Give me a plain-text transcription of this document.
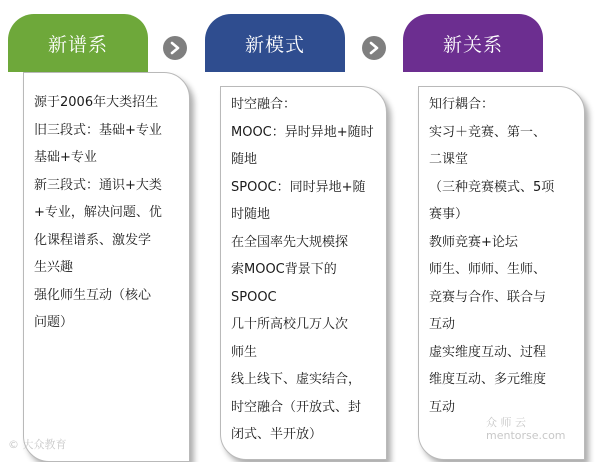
新谱系
源于2006年大类招生
旧三段式：基础+专业
基础+专业
新三段式：通识+大类
+专业，解决问题、优
化课程谱系、激发学
生兴趣
强化师生互动（核心
问题）
新模式
时空融合：
MOOC：异时异地+随时
随地
SPOOC：同时异地+随
时随地
在全国率先大规模探
索MOOC背景下的
SPOOC
几十所高校几万人次
师生
线上线下、虚实结合，
时空融合（开放式、封
闭式、半开放）
新关系
知行耦合：
实习＋竞赛、第一、
二课堂
（三种竞赛模式、5项
赛事）
教师竞赛+论坛
师生、师师、生师、
竞赛与合作、联合与
互动
虚实维度互动、过程
维度互动、多元维度
互动
© 大众教育
众 师 云
mentorse.com
